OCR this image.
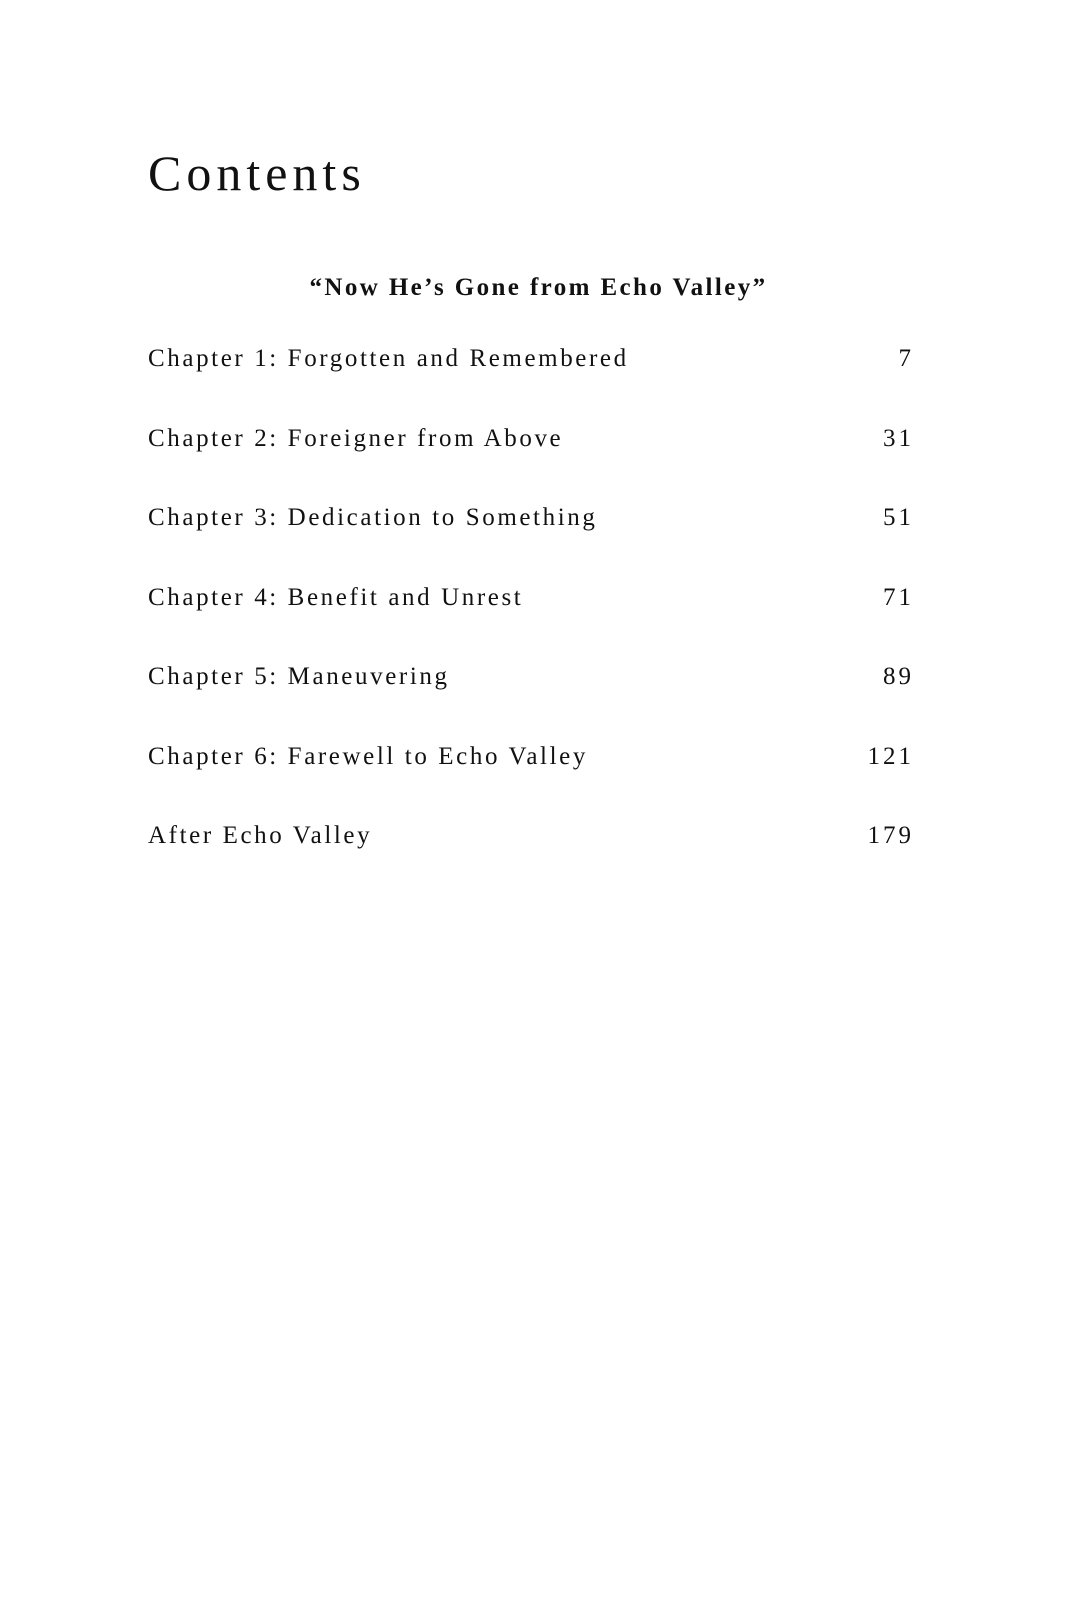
Contents
“Now He’s Gone from Echo Valley”
Chapter 1: Forgotten and Remembered	7
Chapter 2: Foreigner from Above	31
Chapter 3: Dedication to Something	51
Chapter 4: Benefit and Unrest	71
Chapter 5: Maneuvering	89
Chapter 6: Farewell to Echo Valley	121
After Echo Valley	179
